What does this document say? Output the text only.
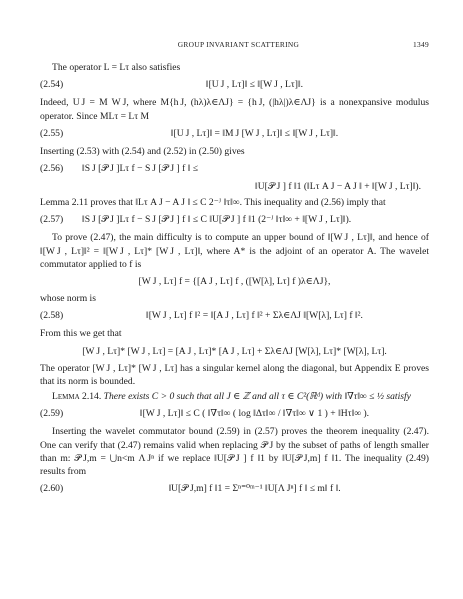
GROUP INVARIANT SCATTERING	1349

The operator L = Lτ also satisfies

(2.54)	‖[U J , Lτ]‖ ≤ ‖[W J , Lτ]‖.

Indeed, U J = M W J, where M{h J, (hλ)λ∈ΛJ} = {h J, (|hλ|)λ∈ΛJ} is a nonexpansive modulus operator. Since MLτ = Lτ M

(2.55)	‖[U J , Lτ]‖ = ‖M J [W J , Lτ]‖ ≤ ‖[W J , Lτ]‖.

Inserting (2.53) with (2.54) and (2.52) in (2.50) gives

(2.56)	‖S J [𝒫 J ]Lτ f − S J [𝒫 J ] f ‖ ≤
‖U[𝒫 J ] f ‖1 (‖Lτ A J − A J ‖ + ‖[W J , Lτ]‖).

Lemma 2.11 proves that ‖Lτ A J − A J ‖ ≤ C 2⁻ᴶ ‖τ‖∞. This inequality and (2.56) imply that

(2.57)	‖S J [𝒫 J ]Lτ f − S J [𝒫 J ] f ‖ ≤ C ‖U[𝒫 J ] f ‖1 (2⁻ᴶ ‖τ‖∞ + ‖[W J , Lτ]‖).

To prove (2.47), the main difficulty is to compute an upper bound of ‖[W J , Lτ]‖, and hence of ‖[W J , Lτ]‖² = ‖[W J , Lτ]* [W J , Lτ]‖, where A* is the adjoint of an operator A. The wavelet commutator applied to f is

[W J , Lτ] f = {[A J , Lτ] f , ([W[λ], Lτ] f )λ∈ΛJ},

whose norm is

(2.58)	‖[W J , Lτ] f ‖² = ‖[A J , Lτ] f ‖² + Σλ∈ΛJ ‖[W[λ], Lτ] f ‖².

From this we get that

[W J , Lτ]* [W J , Lτ] = [A J , Lτ]* [A J , Lτ] + Σλ∈ΛJ [W[λ], Lτ]* [W[λ], Lτ].

The operator [W J , Lτ]* [W J , Lτ] has a singular kernel along the diagonal, but Appendix E proves that its norm is bounded.

Lemma 2.14. There exists C > 0 such that all J ∈ ℤ and all τ ∈ C²(ℝᵈ) with ‖∇τ‖∞ ≤ ½ satisfy

(2.59)	‖[W J , Lτ]‖ ≤ C ( ‖∇τ‖∞ ( log ‖Δτ‖∞ / ‖∇τ‖∞ ∨ 1 ) + ‖Hτ‖∞ ).

Inserting the wavelet commutator bound (2.59) in (2.57) proves the theorem inequality (2.47). One can verify that (2.47) remains valid when replacing 𝒫 J by the subset of paths of length smaller than m: 𝒫 J,m = ⋃n<m Λ Jⁿ if we replace ‖U[𝒫 J ] f ‖1 by ‖U[𝒫 J,m] f ‖1. The inequality (2.49) results from

(2.60)	‖U[𝒫 J,m] f ‖1 = Σⁿ⁼⁰ᵐ⁻¹ ‖U[Λ Jⁿ] f ‖ ≤ m‖ f ‖.
